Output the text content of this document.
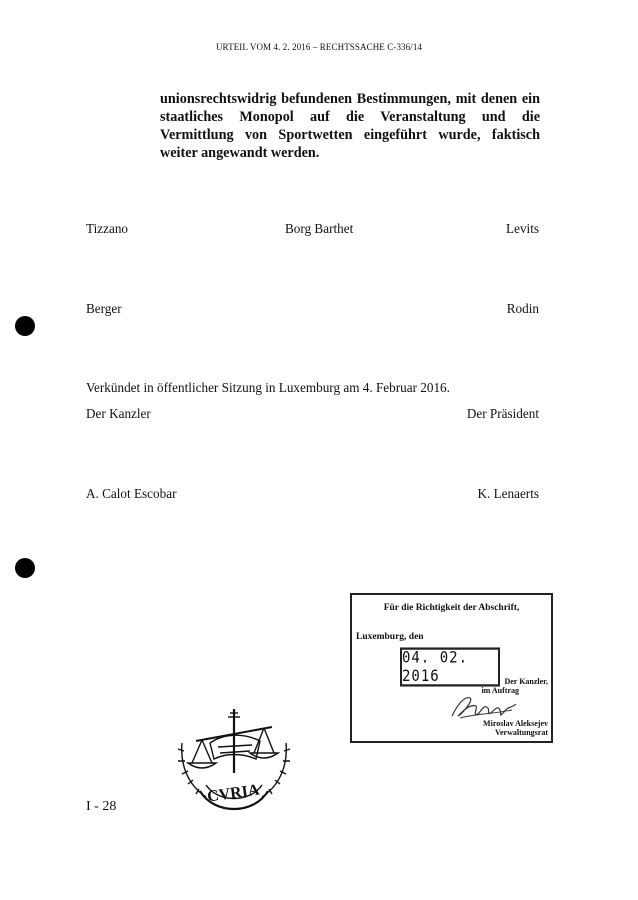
URTEIL VOM 4. 2. 2016 – RECHTSSACHE C-336/14
unionsrechtswidrig befundenen Bestimmungen, mit denen ein staatliches Monopol auf die Veranstaltung und die Vermittlung von Sportwetten eingeführt wurde, faktisch weiter angewandt werden.
Tizzano	Borg Barthet	Levits
Berger	Rodin
Verkündet in öffentlicher Sitzung in Luxemburg am 4. Februar 2016.
Der Kanzler	Der Präsident
A. Calot Escobar	K. Lenaerts
Für die Richtigkeit der Abschrift,
Luxemburg, den
04. 02. 2016	Der Kanzler,
im Auftrag
Miroslav Aleksejev
Verwaltungsrat
CVRIA
I - 28
